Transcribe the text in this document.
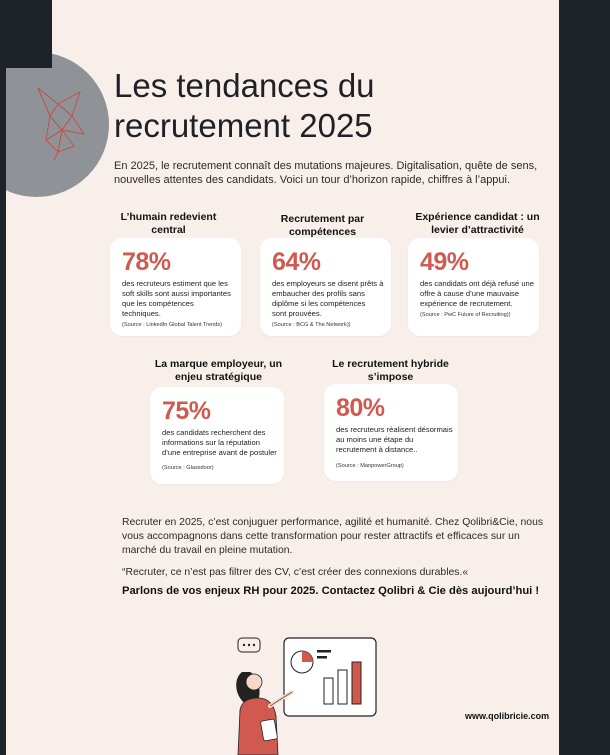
Les tendances du
recrutement 2025

En 2025, le recrutement connaît des mutations majeures. Digitalisation, quête de sens, nouvelles attentes des candidats. Voici un tour d’horizon rapide, chiffres à l’appui.

L’humain redevient central
78%
des recruteurs estiment que les
soft skills sont aussi importantes
que les compétences
techniques.
(Source : LinkedIn Global Talent Trends)
Recrutement par
compétences
64%
des employeurs se disent prêts à
embaucher des profils sans
diplôme si les compétences
sont prouvées.
(Source : BCG & The Network))
Expérience candidat : un
levier d’attractivité
49%
des candidats ont déjà refusé une
offre à cause d’une mauvaise
expérience de recrutement.
(Source : PwC Future of Recruiting))
La marque employeur, un
enjeu stratégique
75%
des candidats recherchent des
informations sur la réputation
d’une entreprise avant de postuler
(Source : Glassdoor)
Le recrutement hybride
s’impose
80%
des recruteurs réalisent désormais
au moins une étape du
recrutement à distance..
(Source : ManpowerGroup)

Recruter en 2025, c’est conjuguer performance, agilité et humanité. Chez Qolibri&Cie, nous vous accompagnons dans cette transformation pour rester attractifs et efficaces sur un marché du travail en pleine mutation.

“Recruter, ce n’est pas filtrer des CV, c’est créer des connexions durables.«

Parlons de vos enjeux RH pour 2025. Contactez Qolibri & Cie dès aujourd’hui !

www.qolibricie.com
